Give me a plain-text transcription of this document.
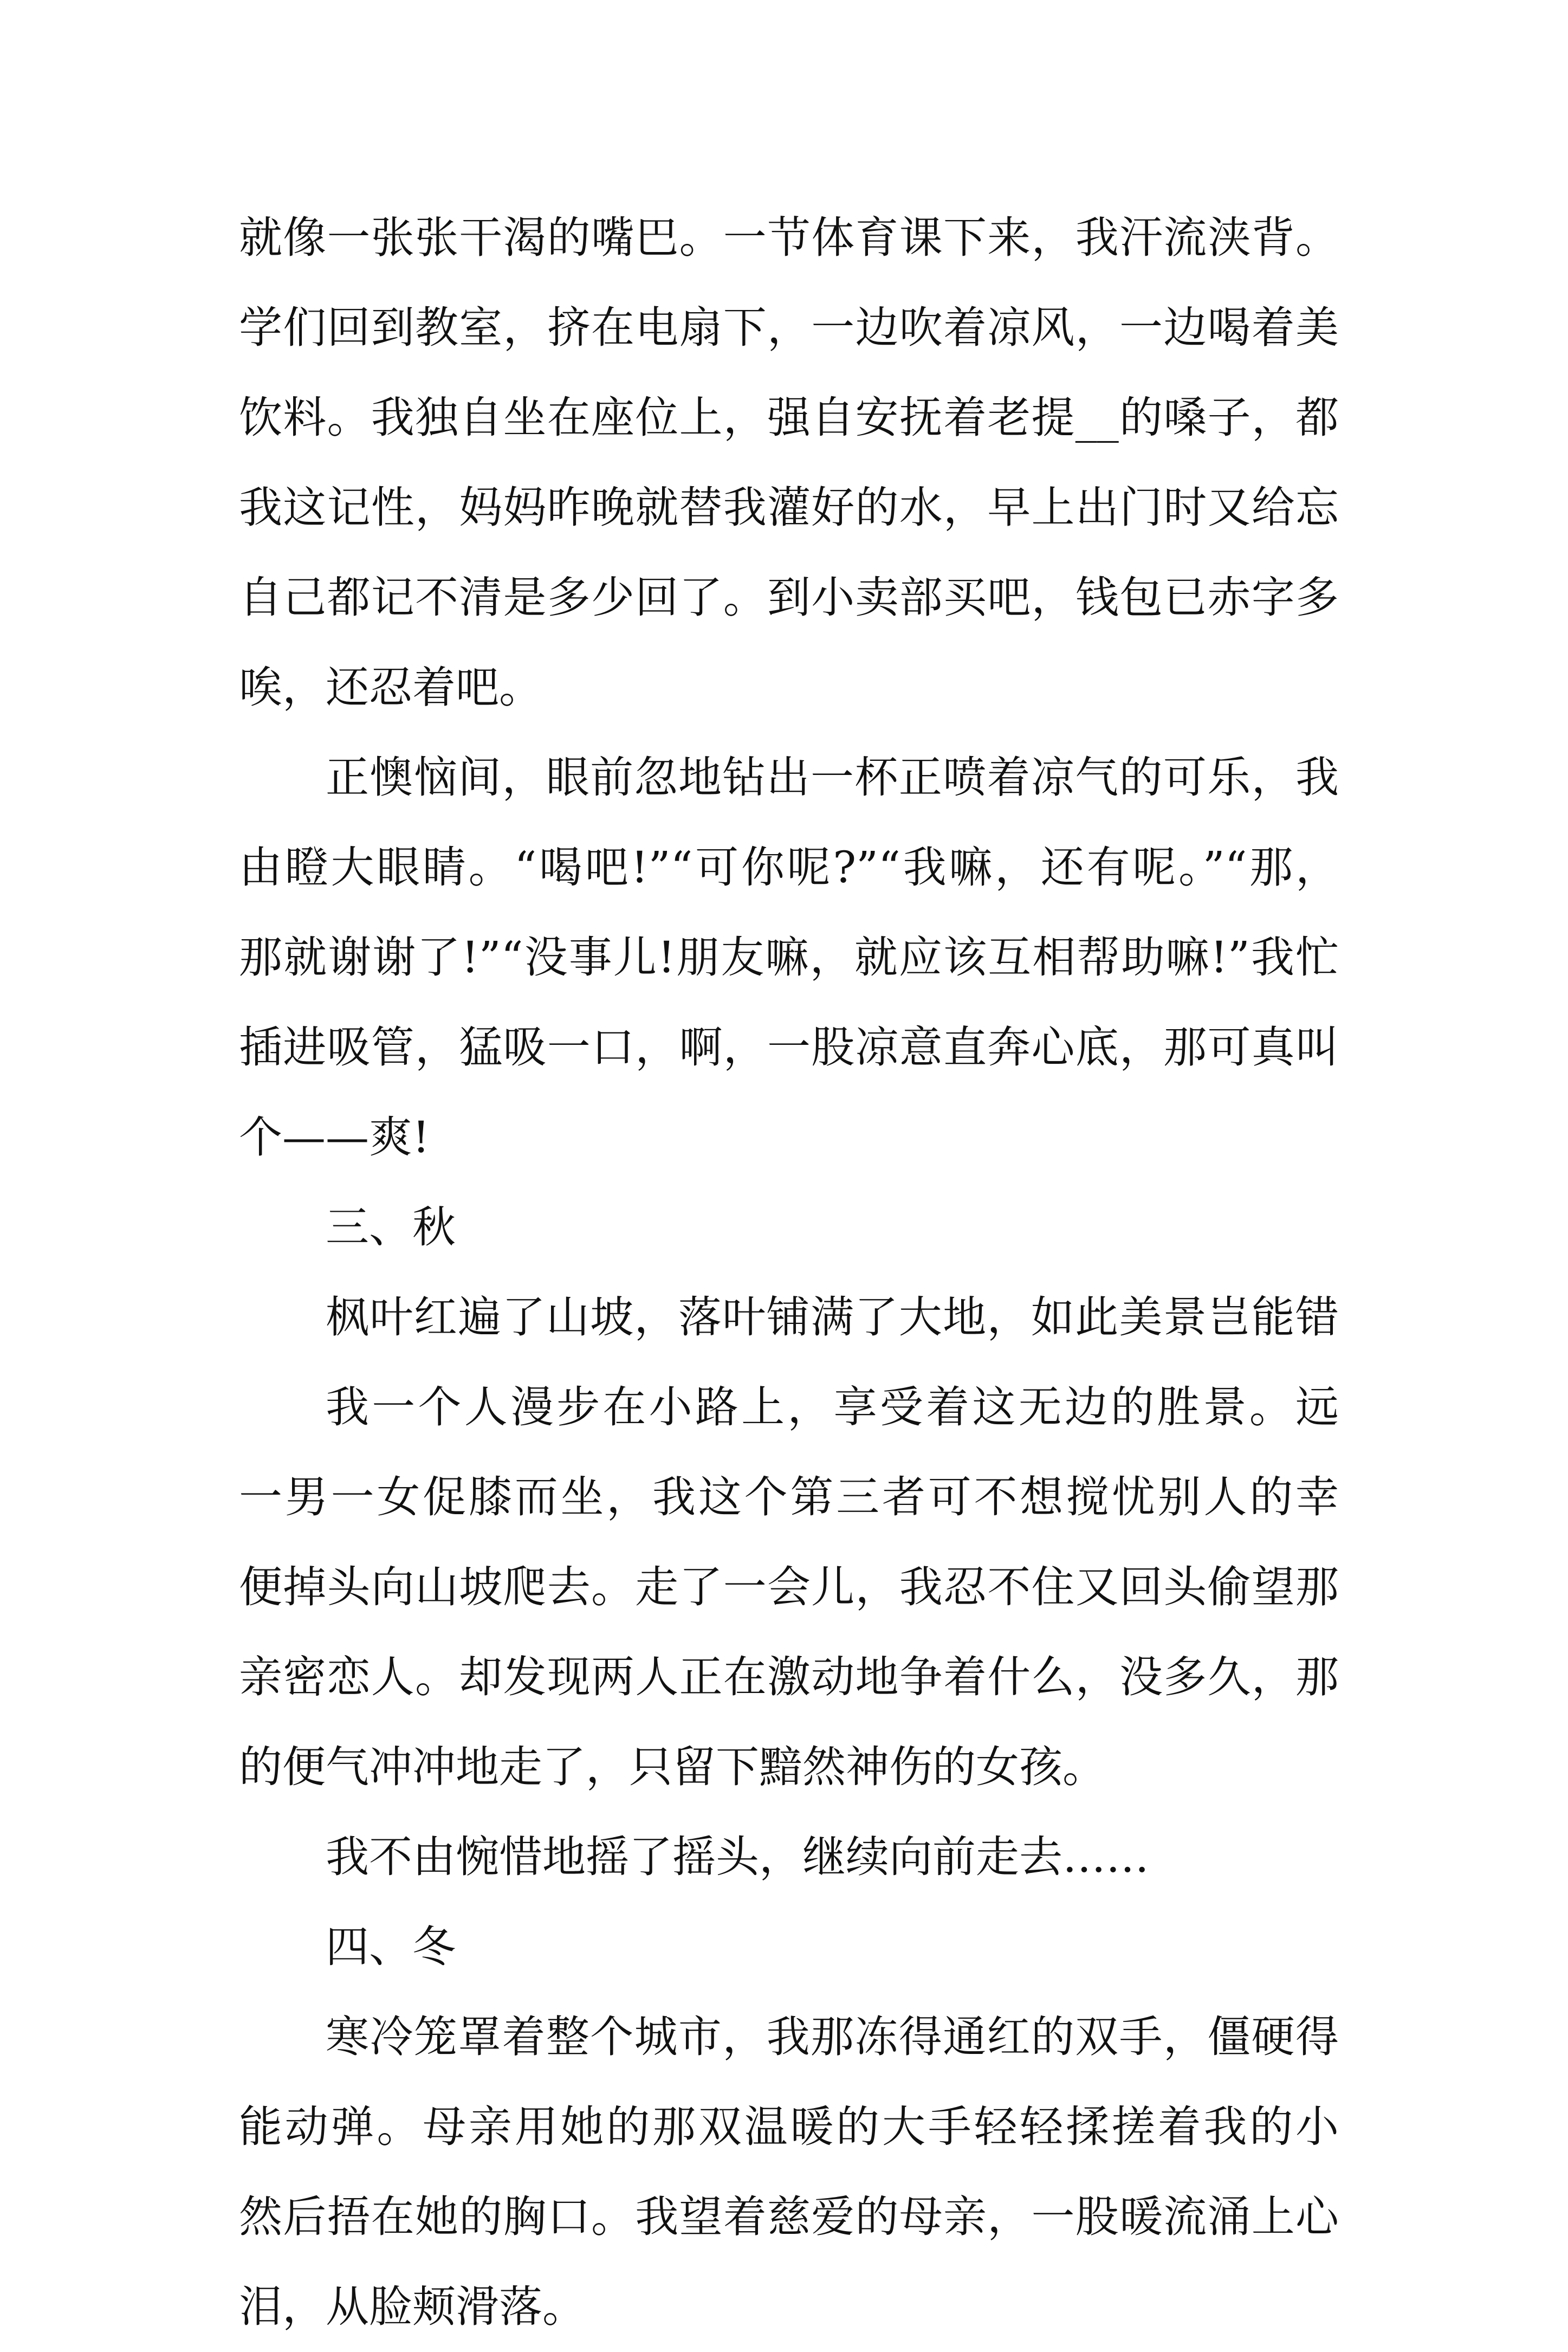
就像一张张干渴的嘴巴。一节体育课下来，我汗流浃背。
学们回到教室，挤在电扇下，一边吹着凉风，一边喝着美
饮料。我独自坐在座位上，强自安抚着老提__的嗓子，都
我这记性，妈妈昨晚就替我灌好的水，早上出门时又给忘
自己都记不清是多少回了。到小卖部买吧，钱包已赤字多
唉，还忍着吧。
正懊恼间，眼前忽地钻出一杯正喷着凉气的可乐，我
由瞪大眼睛。“喝吧!”“可你呢?”“我嘛，还有呢。”“那，
那就谢谢了!”“没事儿!朋友嘛，就应该互相帮助嘛!”我忙
插进吸管，猛吸一口，啊，一股凉意直奔心底，那可真叫
个——爽!
三、秋
枫叶红遍了山坡，落叶铺满了大地，如此美景岂能错
我一个人漫步在小路上，享受着这无边的胜景。远
一男一女促膝而坐，我这个第三者可不想搅忧别人的幸
便掉头向山坡爬去。走了一会儿，我忍不住又回头偷望那
亲密恋人。却发现两人正在激动地争着什么，没多久，那
的便气冲冲地走了，只留下黯然神伤的女孩。
我不由惋惜地摇了摇头，继续向前走去……
四、冬
寒冷笼罩着整个城市，我那冻得通红的双手，僵硬得
能动弹。母亲用她的那双温暖的大手轻轻揉搓着我的小
然后捂在她的胸口。我望着慈爱的母亲，一股暖流涌上心
泪，从脸颊滑落。
